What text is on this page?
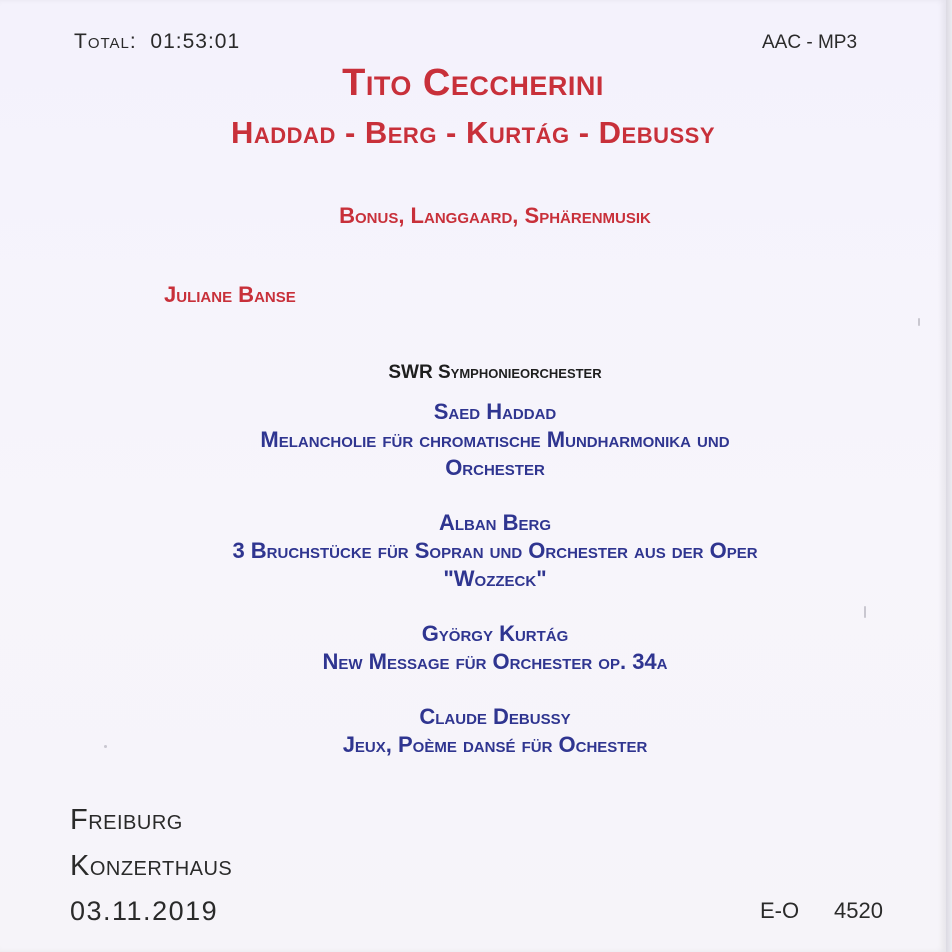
Total: 01:53:01	AAC - MP3
Tito Ceccherini
Haddad - Berg - Kurtág - Debussy
Bonus, Langgaard, Sphärenmusik
Juliane Banse
SWR Symphonieorchester
Saed Haddad
Melancholie für chromatische Mundharmonika und
Orchester
Alban Berg
3 Bruchstücke für Sopran und Orchester aus der Oper
"Wozzeck"
György Kurtág
New Message für Orchester op. 34a
Claude Debussy
Jeux, Poème dansé für Ochester
Freiburg
Konzerthaus
03.11.2019	E-O 4520
